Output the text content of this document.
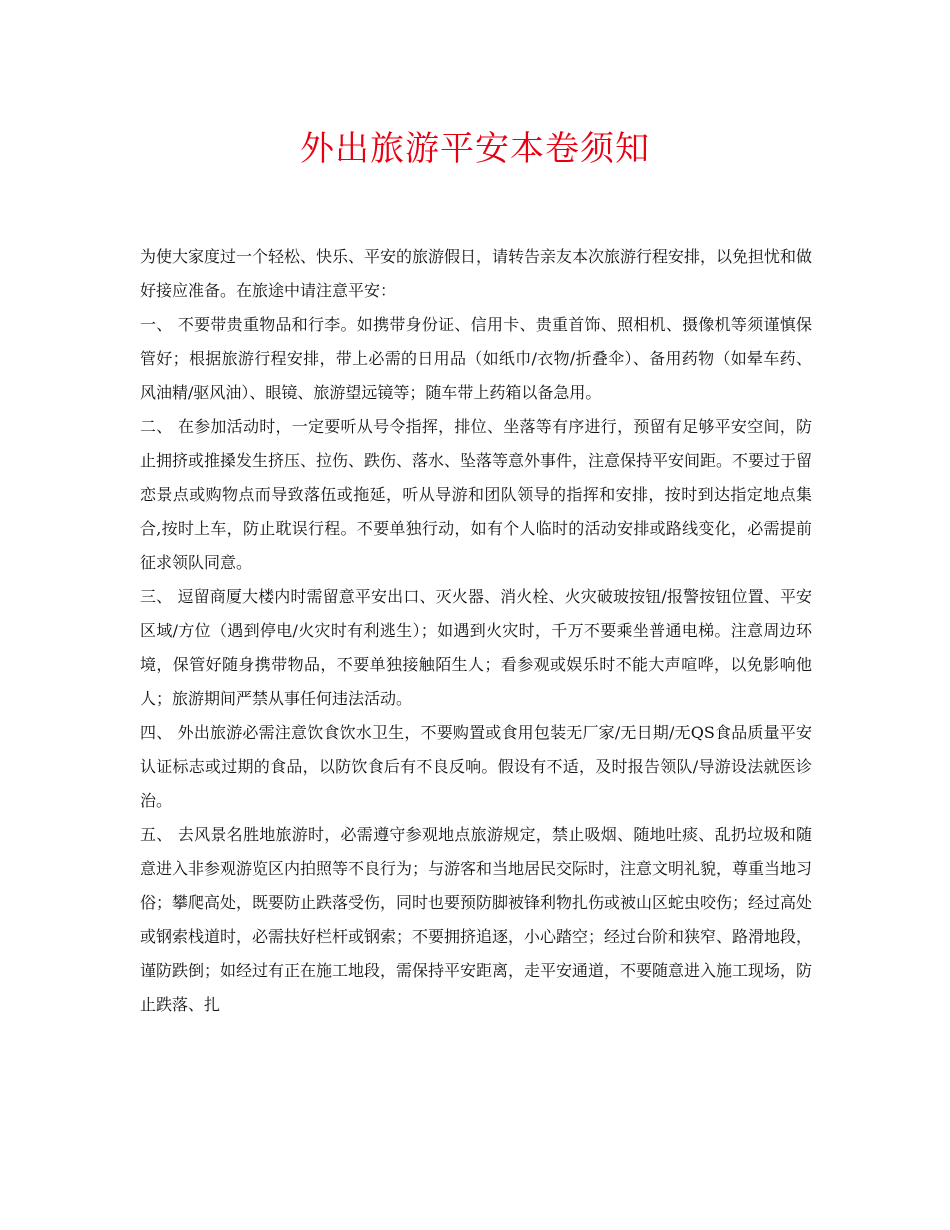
外出旅游平安本卷须知

为使大家度过一个轻松、快乐、平安的旅游假日，请转告亲友本次旅游行程安排，以免担忧和做好接应准备。在旅途中请注意平安：

一、 不要带贵重物品和行李。如携带身份证、信用卡、贵重首饰、照相机、摄像机等须谨慎保管好；根据旅游行程安排，带上必需的日用品（如纸巾/衣物/折叠伞）、备用药物（如晕车药、风油精/驱风油）、眼镜、旅游望远镜等；随车带上药箱以备急用。

二、 在参加活动时，一定要听从号令指挥，排位、坐落等有序进行，预留有足够平安空间，防止拥挤或推搡发生挤压、拉伤、跌伤、落水、坠落等意外事件，注意保持平安间距。不要过于留恋景点或购物点而导致落伍或拖延，听从导游和团队领导的指挥和安排，按时到达指定地点集合,按时上车，防止耽误行程。不要单独行动，如有个人临时的活动安排或路线变化，必需提前征求领队同意。

三、 逗留商厦大楼内时需留意平安出口、灭火器、消火栓、火灾破玻按钮/报警按钮位置、平安区域/方位（遇到停电/火灾时有利逃生）；如遇到火灾时，千万不要乘坐普通电梯。注意周边环境，保管好随身携带物品，不要单独接触陌生人；看参观或娱乐时不能大声喧哗，以免影响他人；旅游期间严禁从事任何违法活动。

四、 外出旅游必需注意饮食饮水卫生，不要购置或食用包装无厂家/无日期/无QS食品质量平安认证标志或过期的食品，以防饮食后有不良反响。假设有不适，及时报告领队/导游设法就医诊治。

五、 去风景名胜地旅游时，必需遵守参观地点旅游规定，禁止吸烟、随地吐痰、乱扔垃圾和随意进入非参观游览区内拍照等不良行为；与游客和当地居民交际时，注意文明礼貌，尊重当地习俗；攀爬高处，既要防止跌落受伤，同时也要预防脚被锋利物扎伤或被山区蛇虫咬伤；经过高处或钢索栈道时，必需扶好栏杆或钢索；不要拥挤追逐，小心踏空；经过台阶和狭窄、路滑地段，谨防跌倒；如经过有正在施工地段，需保持平安距离，走平安通道，不要随意进入施工现场，防止跌落、扎
